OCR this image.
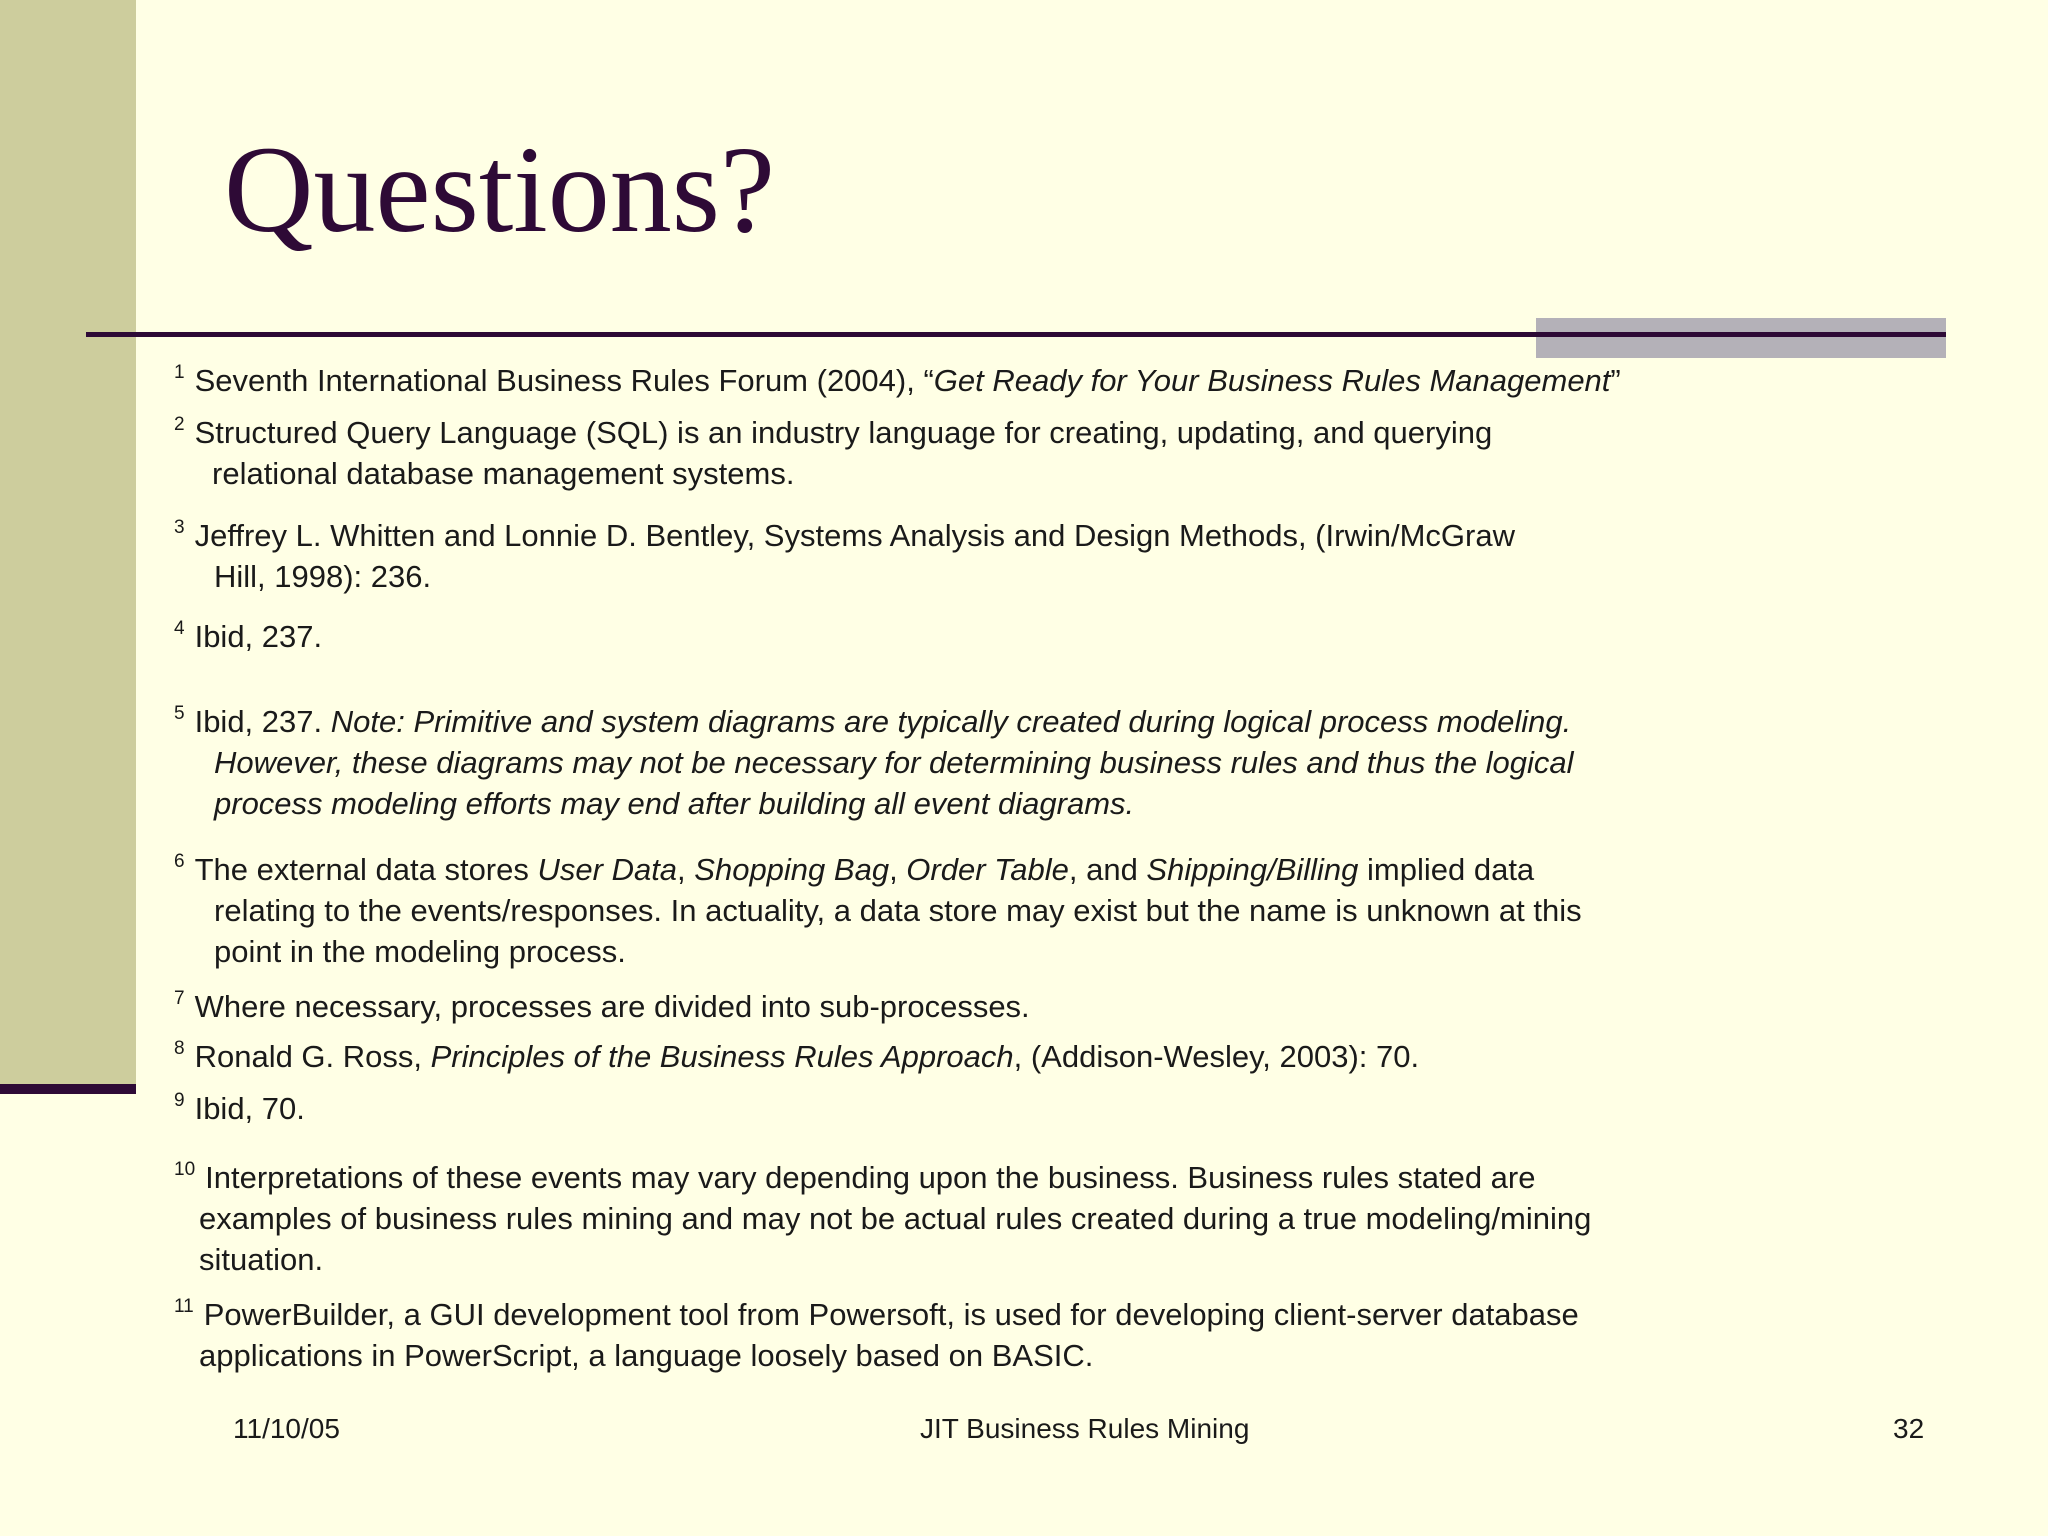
Questions?
$^1$ Seventh International Business Rules Forum (2004), “Get Ready for Your Business Rules Management”
$^2$ Structured Query Language (SQL) is an industry language for creating, updating, and querying
relational database management systems.
$^3$ Jeffrey L. Whitten and Lonnie D. Bentley, Systems Analysis and Design Methods, (Irwin/McGraw
Hill, 1998): 236.
$^4$ Ibid, 237.
$^5$ Ibid, 237. Note: Primitive and system diagrams are typically created during logical process modeling.
However, these diagrams may not be necessary for determining business rules and thus the logical
process modeling efforts may end after building all event diagrams.
$^6$ The external data stores User Data, Shopping Bag, Order Table, and Shipping/Billing implied data
relating to the events/responses. In actuality, a data store may exist but the name is unknown at this
point in the modeling process.
$^7$ Where necessary, processes are divided into sub-processes.
$^8$ Ronald G. Ross, Principles of the Business Rules Approach, (Addison-Wesley, 2003): 70.
$^9$ Ibid, 70.
$^{10}$ Interpretations of these events may vary depending upon the business. Business rules stated are
examples of business rules mining and may not be actual rules created during a true modeling/mining
situation.
$^{11}$ PowerBuilder, a GUI development tool from Powersoft, is used for developing client-server database
applications in PowerScript, a language loosely based on BASIC.
11/10/05	JIT Business Rules Mining	32
